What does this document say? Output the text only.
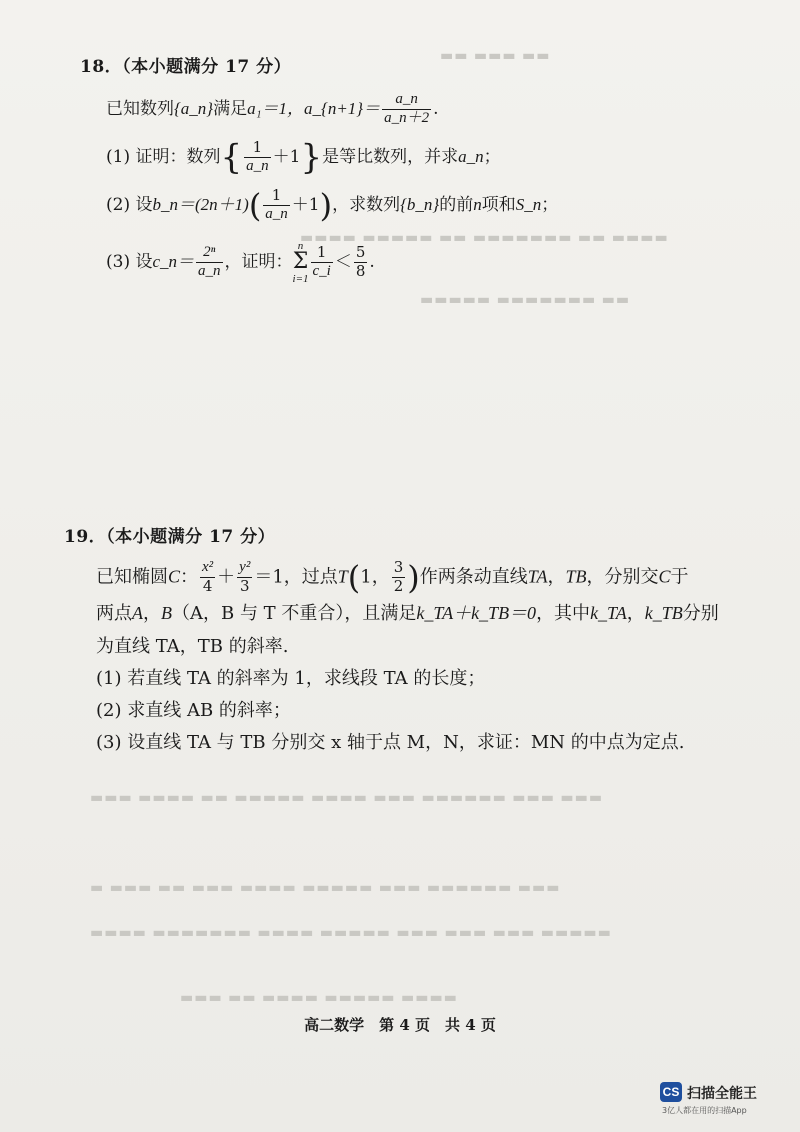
▬▬ ▬▬▬ ▬▬
▬▬▬▬ ▬▬▬▬▬ ▬▬ ▬▬▬▬▬▬▬ ▬▬ ▬▬▬▬
▬▬▬▬▬ ▬▬▬▬▬▬▬ ▬▬
▬▬▬ ▬▬▬▬ ▬▬ ▬▬▬▬▬ ▬▬▬▬ ▬▬▬ ▬▬▬▬▬▬ ▬▬▬ ▬▬▬
▬ ▬▬▬ ▬▬ ▬▬▬ ▬▬▬▬ ▬▬▬▬▬ ▬▬▬ ▬▬▬▬▬▬ ▬▬▬
▬▬▬▬ ▬▬▬▬▬▬▬ ▬▬▬▬ ▬▬▬▬▬ ▬▬▬ ▬▬▬ ▬▬▬ ▬▬▬▬▬
▬▬▬ ▬▬ ▬▬▬▬ ▬▬▬▬▬ ▬▬▬▬
18．（本小题满分 17 分）
已知数列{a_n}满足a₁＝1，a_{n+1}＝ $\frac{a\_n}{a\_n+2}$ .
(1) 证明：数列{ $\frac{1}{a\_n} +1$}是等比数列，并求a_n；
(2) 设b_n＝(2n＋1)( $\frac{1}{a\_n} +1$)，求数列{b_n}的前n项和S_n；
(3) 设c_n＝ $\frac{\text{2ⁿ}}{a\_n}$ ，证明：n
Σ
$i=1 \frac{1}{c\_i} < \frac{5}{8}$ .
19．（本小题满分 17 分）
已知椭圆C： $\frac{\text{x²}}{4} + \frac{\text{y²}}{3} =1$，过点T(1， $\frac{3}{2}$ )作两条动直线TA，TB，分别交C于
两点A，B（A，B 与 T 不重合），且满足k_TA＋k_TB＝0，其中k_TA，k_TB分别
为直线 TA，TB 的斜率.
(1) 若直线 TA 的斜率为 1，求线段 TA 的长度；
(2) 求直线 AB 的斜率；
(3) 设直线 TA 与 TB 分别交 x 轴于点 M，N，求证：MN 的中点为定点.
高二数学　第 4 页　共 4 页
CS 扫描全能王
3亿人都在用的扫描App
